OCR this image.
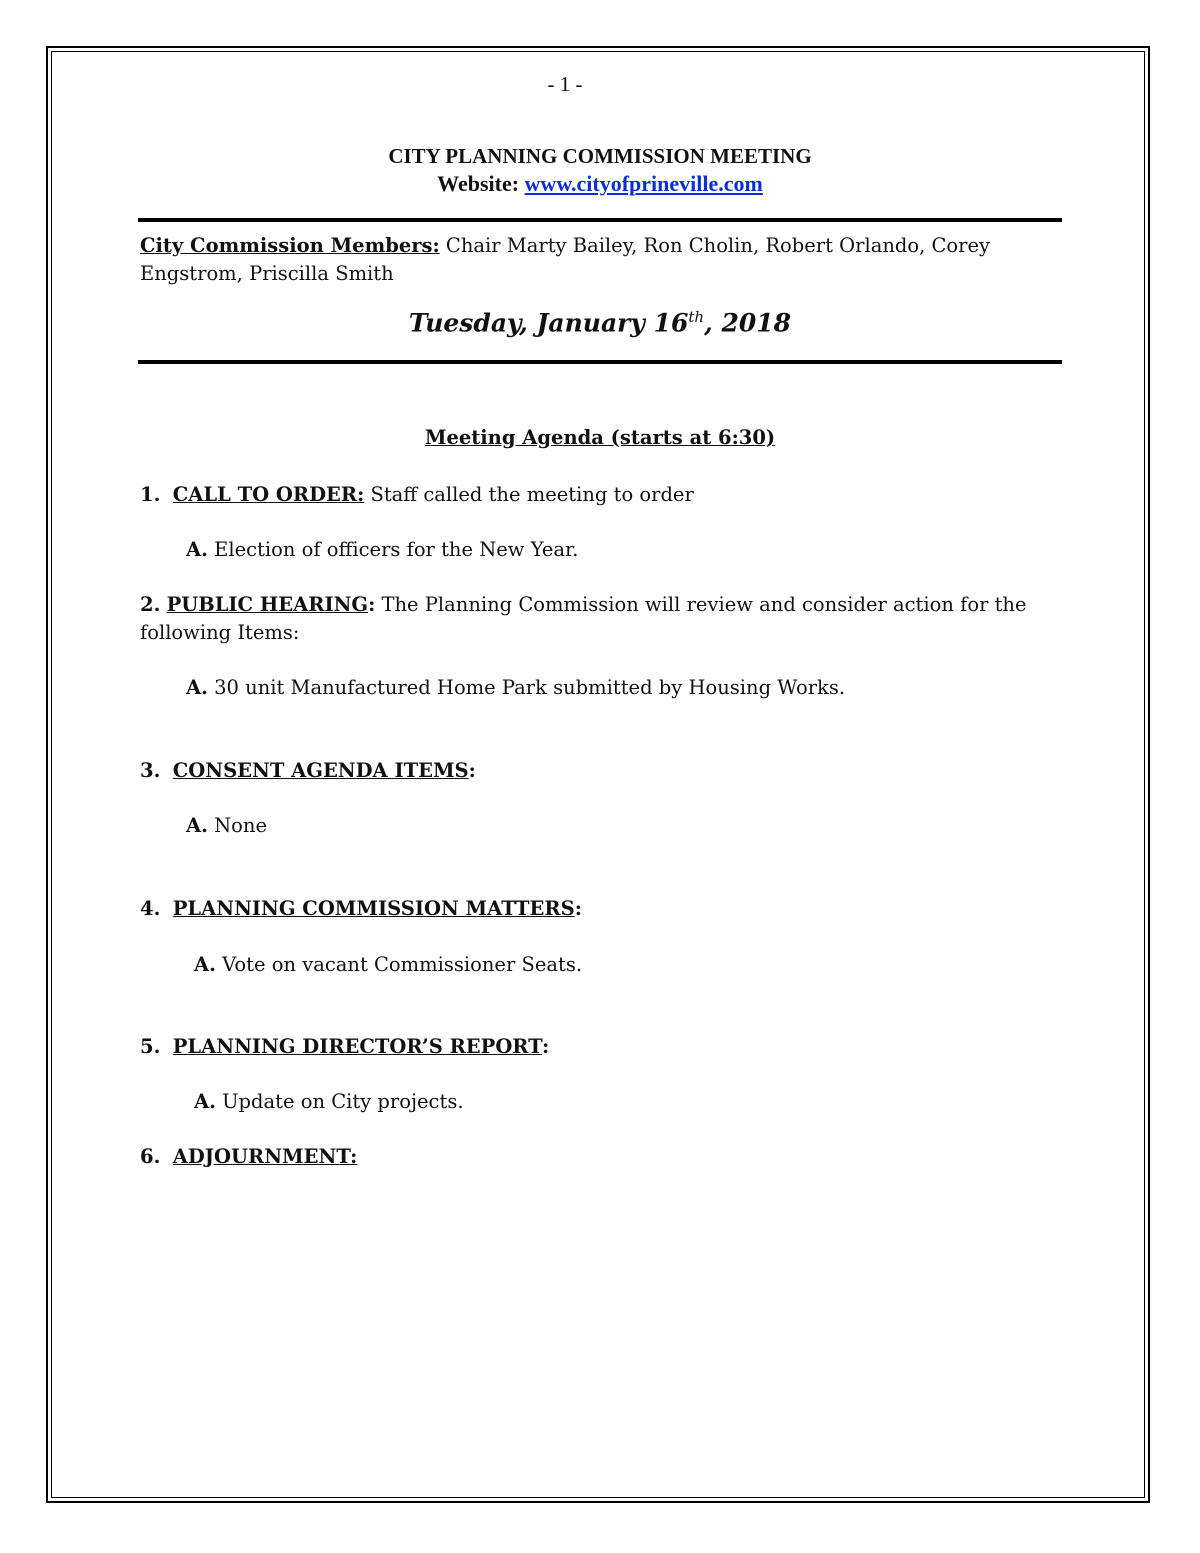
- 1 -
CITY PLANNING COMMISSION MEETING
Website: www.cityofprineville.com
City Commission Members: Chair Marty Bailey, Ron Cholin, Robert Orlando, Corey Engstrom, Priscilla Smith
Tuesday, January 16th, 2018
Meeting Agenda (starts at 6:30)
1. CALL TO ORDER: Staff called the meeting to order
A. Election of officers for the New Year.
2. PUBLIC HEARING: The Planning Commission will review and consider action for the following Items:
A. 30 unit Manufactured Home Park submitted by Housing Works.
3. CONSENT AGENDA ITEMS:
A. None
4. PLANNING COMMISSION MATTERS:
A. Vote on vacant Commissioner Seats.
5. PLANNING DIRECTOR’S REPORT:
A. Update on City projects.
6. ADJOURNMENT:
